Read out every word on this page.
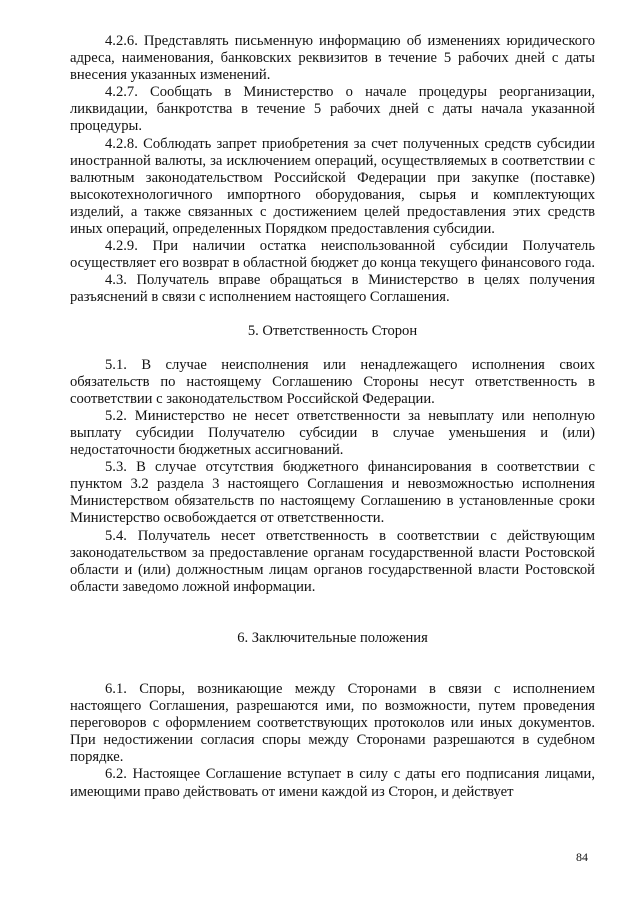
4.2.6. Представлять письменную информацию об изменениях юридического адреса, наименования, банковских реквизитов в течение 5 рабочих дней с даты внесения указанных изменений.

4.2.7. Сообщать в Министерство о начале процедуры реорганизации, ликвидации, банкротства в течение 5 рабочих дней с даты начала указанной процедуры.

4.2.8. Соблюдать запрет приобретения за счет полученных средств субсидии иностранной валюты, за исключением операций, осуществляемых в соответствии с валютным законодательством Российской Федерации при закупке (поставке) высокотехнологичного импортного оборудования, сырья и комплектующих изделий, а также связанных с достижением целей предоставления этих средств иных операций, определенных Порядком предоставления субсидии.

4.2.9. При наличии остатка неиспользованной субсидии Получатель осуществляет его возврат в областной бюджет до конца текущего финансового года.

4.3. Получатель вправе обращаться в Министерство в целях получения разъяснений в связи с исполнением настоящего Соглашения.

5. Ответственность Сторон

5.1. В случае неисполнения или ненадлежащего исполнения своих обязательств по настоящему Соглашению Стороны несут ответственность в соответствии с законодательством Российской Федерации.

5.2. Министерство не несет ответственности за невыплату или неполную выплату субсидии Получателю субсидии в случае уменьшения и (или) недостаточности бюджетных ассигнований.

5.3. В случае отсутствия бюджетного финансирования в соответствии с пунктом 3.2 раздела 3 настоящего Соглашения и невозможностью исполнения Министерством обязательств по настоящему Соглашению в установленные сроки Министерство освобождается от ответственности.

5.4. Получатель несет ответственность в соответствии с действующим законодательством за предоставление органам государственной власти Ростовской области и (или) должностным лицам органов государственной власти Ростовской области заведомо ложной информации.

6. Заключительные положения

6.1. Споры, возникающие между Сторонами в связи с исполнением настоящего Соглашения, разрешаются ими, по возможности, путем проведения переговоров с оформлением соответствующих протоколов или иных документов. При недостижении согласия споры между Сторонами разрешаются в судебном порядке.

6.2. Настоящее Соглашение вступает в силу с даты его подписания лицами, имеющими право действовать от имени каждой из Сторон, и действует

84
